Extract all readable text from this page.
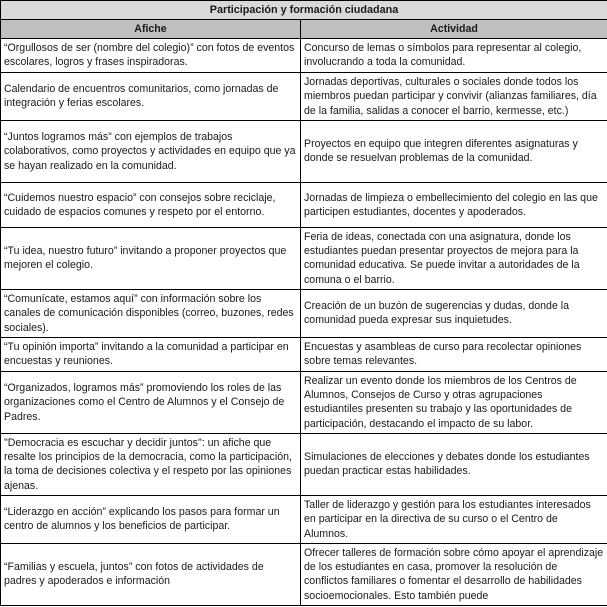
Participación y formación ciudadana	
Afiche	Actividad
“Orgullosos de ser (nombre del colegio)” con fotos de eventos escolares, logros y frases inspiradoras.	Concurso de lemas o símbolos para representar al colegio, involucrando a toda la comunidad.
Calendario de encuentros comunitarios, como jornadas de integración y ferias escolares.	Jornadas deportivas, culturales o sociales donde todos los miembros puedan participar y convivir (alianzas familiares, día de la familia, salidas a conocer el barrio, kermesse, etc.)
“Juntos logramos más” con ejemplos de trabajos colaborativos, como proyectos y actividades en equipo que ya se hayan realizado en la comunidad.	Proyectos en equipo que integren diferentes asignaturas y donde se resuelvan problemas de la comunidad.
“Cuidemos nuestro espacio” con consejos sobre reciclaje, cuidado de espacios comunes y respeto por el entorno.	Jornadas de limpieza o embellecimiento del colegio en las que participen estudiantes, docentes y apoderados.
“Tu idea, nuestro futuro” invitando a proponer proyectos que mejoren el colegio.	Feria de ideas, conectada con una asignatura, donde los estudiantes puedan presentar proyectos de mejora para la comunidad educativa. Se puede invitar a autoridades de la comuna o el barrio.
“Comunícate, estamos aquí” con información sobre los canales de comunicación disponibles (correo, buzones, redes sociales).	Creación de un buzón de sugerencias y dudas, donde la comunidad pueda expresar sus inquietudes.
“Tu opinión importa” invitando a la comunidad a participar en encuestas y reuniones.	Encuestas y asambleas de curso para recolectar opiniones sobre temas relevantes.
“Organizados, logramos más” promoviendo los roles de las organizaciones como el Centro de Alumnos y el Consejo de Padres.	Realizar un evento donde los miembros de los Centros de Alumnos, Consejos de Curso y otras agrupaciones estudiantiles presenten su trabajo y las oportunidades de participación, destacando el impacto de su labor.
"Democracia es escuchar y decidir juntos": un afiche que resalte los principios de la democracia, como la participación, la toma de decisiones colectiva y el respeto por las opiniones ajenas.	Simulaciones de elecciones y debates donde los estudiantes puedan practicar estas habilidades.
“Liderazgo en acción” explicando los pasos para formar un centro de alumnos y los beneficios de participar.	Taller de liderazgo y gestión para los estudiantes interesados en participar en la directiva de su curso o el Centro de Alumnos.
“Familias y escuela, juntos” con fotos de actividades de padres y apoderados e información	Ofrecer talleres de formación sobre cómo apoyar el aprendizaje de los estudiantes en casa, promover la resolución de conflictos familiares o fomentar el desarrollo de habilidades socioemocionales. Esto también puede
